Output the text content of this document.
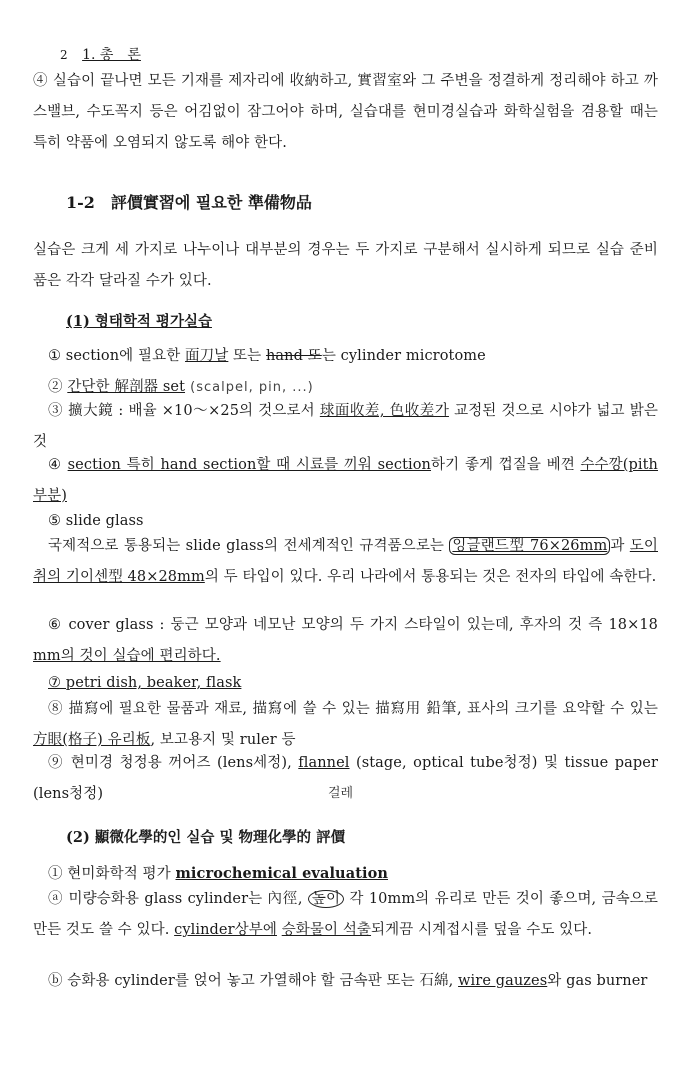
2 1. 총　론

④ 실습이 끝나면 모든 기재를 제자리에 收納하고, 實習室와 그 주변을 정결하게 정리해야 하고 까스밸브, 수도꼭지 등은 어김없이 잠그어야 하며, 실습대를 현미경실습과 화학실험을 겸용할 때는 특히 약품에 오염되지 않도록 해야 한다.

1-2　評價實習에 필요한 準備物品

실습은 크게 세 가지로 나누이나 대부분의 경우는 두 가지로 구분해서 실시하게 되므로 실습 준비품은 각각 달라질 수가 있다.

(1) 형태학적 평가실습

① section에 필요한 面刀날 또는 hand 또는 cylinder microtome

② 간단한 解剖器 set (scalpel, pin, ...)

③ 擴大鏡 : 배율 ×10～×25의 것으로서 球面收差, 色收差가 교정된 것으로 시야가 넓고 밝은 것

④ section 특히 hand section할 때 시료를 끼워 section하기 좋게 껍질을 베껸 수수깡(pith 부분)

⑤ slide glass

국제적으로 통용되는 slide glass의 전세계적인 규격품으로는 잉글랜드型 76×26mm 과 도이취의 기이센型 48×28mm의 두 타입이 있다. 우리 나라에서 통용되는 것은 전자의 타입에 속한다.

⑥ cover glass : 둥근 모양과 네모난 모양의 두 가지 스타일이 있는데, 후자의 것 즉 18×18 mm의 것이 실습에 편리하다.

⑦ petri dish, beaker, flask

⑧ 描寫에 필요한 물품과 재료, 描寫에 쓸 수 있는 描寫用 鉛筆, 표사의 크기를 요약할 수 있는 方眼(格子) 유리板, 보고용지 및 ruler 등

⑨ 현미경 청정용 꺼어즈 (lens세정), flannel (stage, optical tube청정) 및 tissue paper (lens청정)	걸레
(2) 顯微化學的인 실습 및 物理化學的 評價

① 현미화학적 평가 microchemical evaluation

ⓐ 미량승화용 glass cylinder는 內徑, 높이 각 10mm의 유리로 만든 것이 좋으며, 금속으로 만든 것도 쓸 수 있다. cylinder상부에 승화물이 석출되게끔 시계접시를 덮을 수도 있다.

ⓑ 승화용 cylinder를 얹어 놓고 가열해야 할 금속판 또는 石綿, wire gauzes와 gas burner
